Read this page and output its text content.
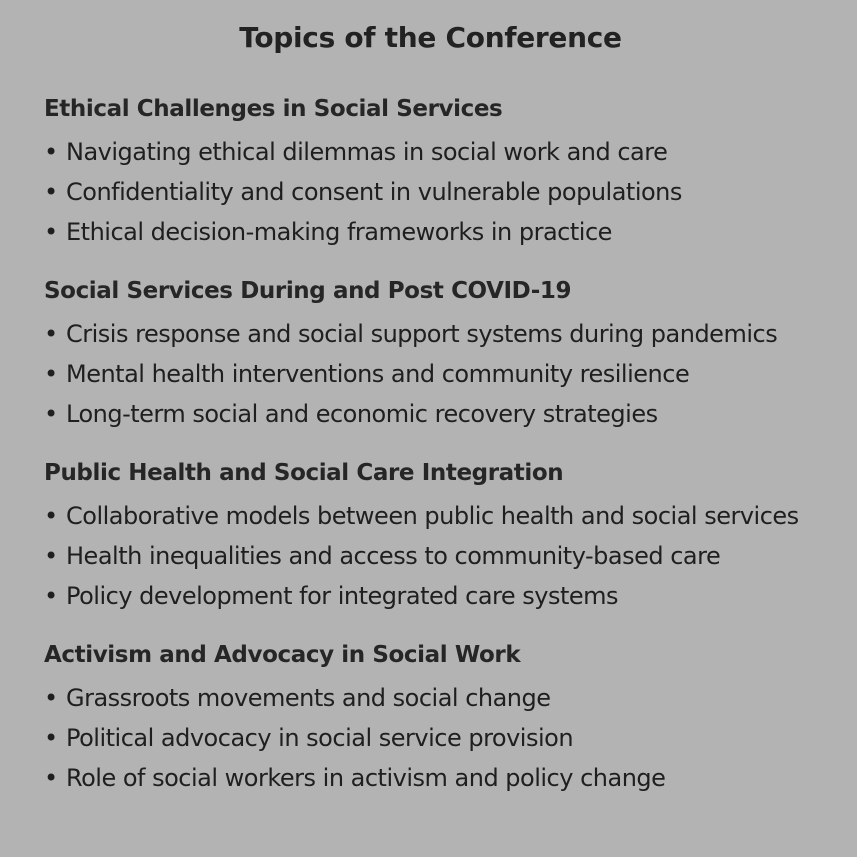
Topics of the Conference
Ethical Challenges in Social Services

• Navigating ethical dilemmas in social work and care

• Confidentiality and consent in vulnerable populations

• Ethical decision-making frameworks in practice

Social Services During and Post COVID-19

• Crisis response and social support systems during pandemics

• Mental health interventions and community resilience

• Long-term social and economic recovery strategies

Public Health and Social Care Integration

• Collaborative models between public health and social services

• Health inequalities and access to community-based care

• Policy development for integrated care systems

Activism and Advocacy in Social Work

• Grassroots movements and social change

• Political advocacy in social service provision

• Role of social workers in activism and policy change
